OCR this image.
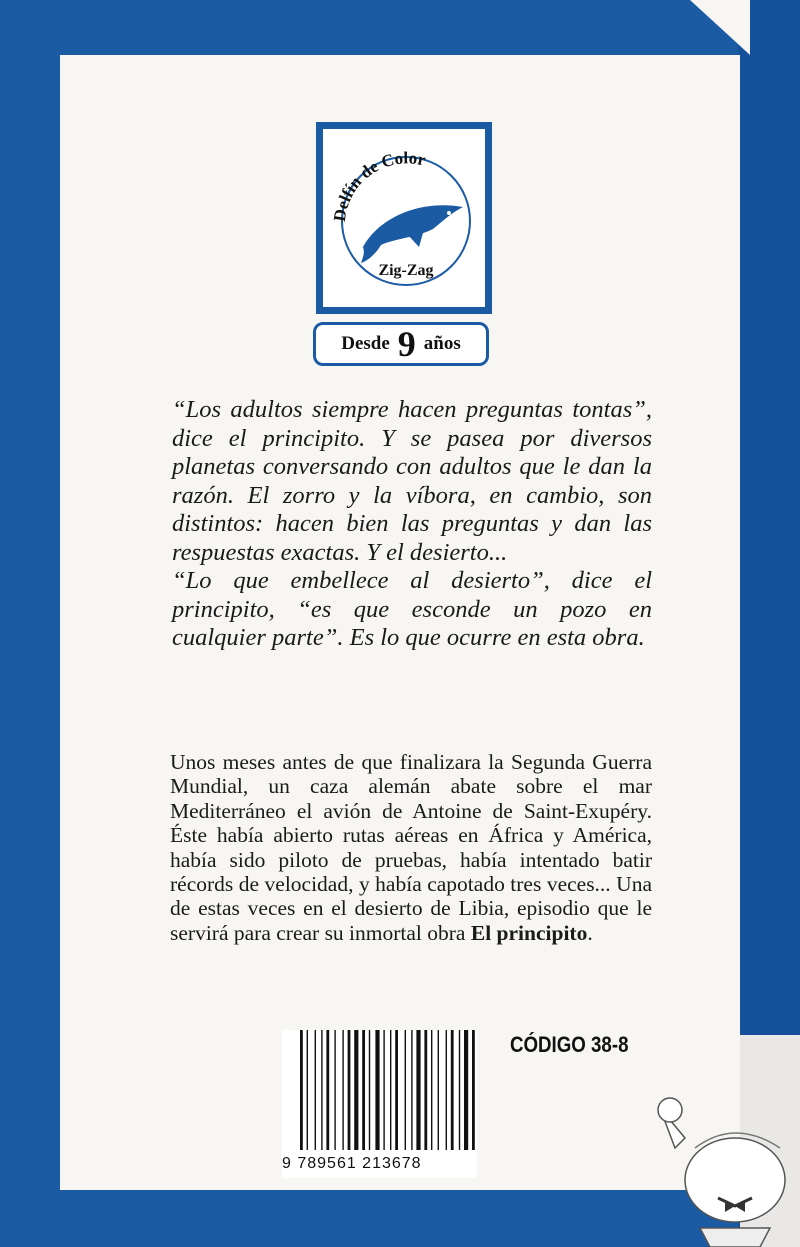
Delfín de Color
Zig-Zag
Desde 9 años

“Los adultos siempre hacen preguntas tontas”, dice el principito. Y se pasea por diversos planetas conversando con adultos que le dan la razón. El zorro y la víbora, en cambio, son distintos: hacen bien las preguntas y dan las respuestas exactas. Y el desierto...

“Lo que embellece al desierto”, dice el principito, “es que esconde un pozo en cualquier parte”. Es lo que ocurre en esta obra.

Unos meses antes de que finalizara la Segunda Guerra Mundial, un caza alemán abate sobre el mar Mediterráneo el avión de Antoine de Saint-Exupéry. Éste había abierto rutas aéreas en África y América, había sido piloto de pruebas, había intentado batir récords de velocidad, y había capotado tres veces... Una de estas veces en el desierto de Libia, episodio que le servirá para crear su inmortal obra El principito.
9 789561 213678
CÓDIGO 38-8
